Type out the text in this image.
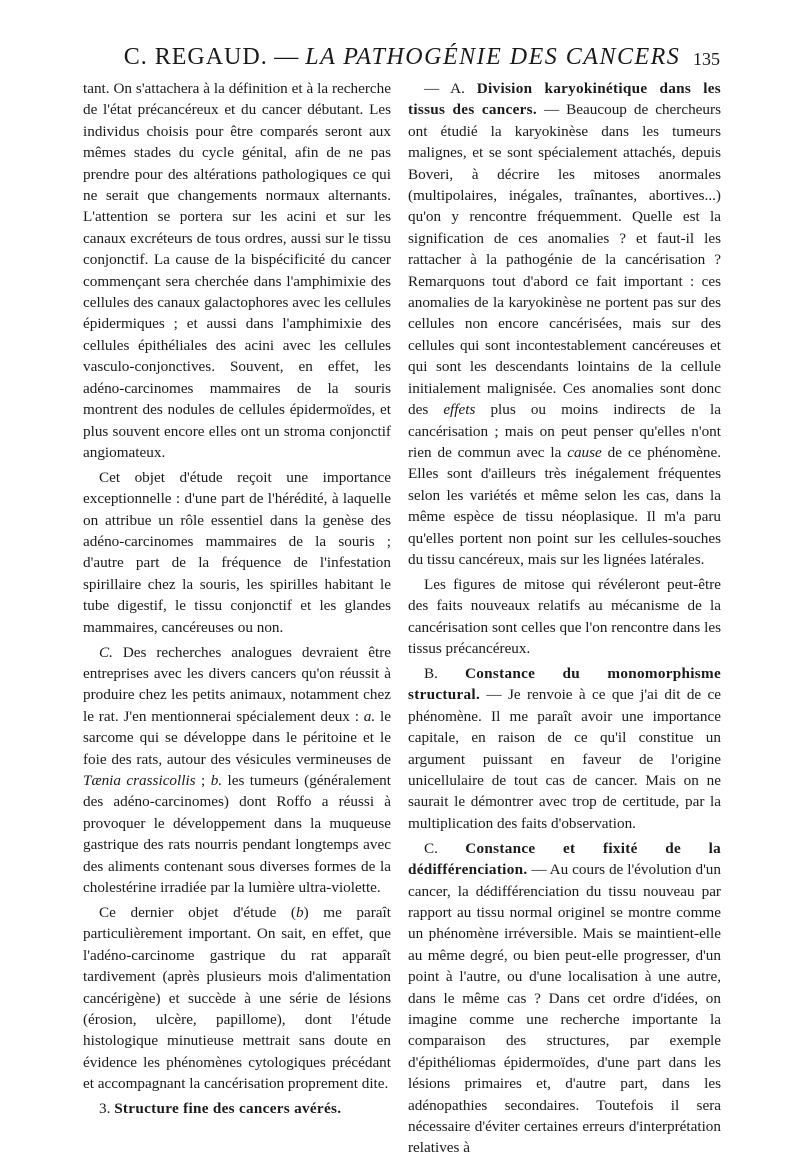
C. REGAUD. — LA PATHOGÉNIE DES CANCERS 135

tant. On s'attachera à la définition et à la recherche de l'état précancéreux et du cancer débutant. Les individus choisis pour être comparés seront aux mêmes stades du cycle génital, afin de ne pas prendre pour des altérations pathologiques ce qui ne serait que changements normaux alternants. L'attention se portera sur les acini et sur les canaux excréteurs de tous ordres, aussi sur le tissu conjonctif. La cause de la bispécificité du cancer commençant sera cherchée dans l'amphimixie des cellules des canaux galactophores avec les cellules épidermiques ; et aussi dans l'amphimixie des cellules épithéliales des acini avec les cellules vasculo-conjonctives. Souvent, en effet, les adéno-carcinomes mammaires de la souris montrent des nodules de cellules épidermoïdes, et plus souvent encore elles ont un stroma conjonctif angiomateux.

Cet objet d'étude reçoit une importance exceptionnelle : d'une part de l'hérédité, à laquelle on attribue un rôle essentiel dans la genèse des adéno-carcinomes mammaires de la souris ; d'autre part de la fréquence de l'infestation spirillaire chez la souris, les spirilles habitant le tube digestif, le tissu conjonctif et les glandes mammaires, cancéreuses ou non.

C. Des recherches analogues devraient être entreprises avec les divers cancers qu'on réussit à produire chez les petits animaux, notamment chez le rat. J'en mentionnerai spécialement deux : a. le sarcome qui se développe dans le péritoine et le foie des rats, autour des vésicules vermineuses de Tænia crassicollis ; b. les tumeurs (généralement des adéno-carcinomes) dont Roffo a réussi à provoquer le développement dans la muqueuse gastrique des rats nourris pendant longtemps avec des aliments contenant sous diverses formes de la cholestérine irradiée par la lumière ultra-violette.

Ce dernier objet d'étude (b) me paraît particulièrement important. On sait, en effet, que l'adéno-carcinome gastrique du rat apparaît tardivement (après plusieurs mois d'alimentation cancérigène) et succède à une série de lésions (érosion, ulcère, papillome), dont l'étude histologique minutieuse mettrait sans doute en évidence les phénomènes cytologiques précédant et accompagnant la cancérisation proprement dite.

3. Structure fine des cancers avérés.

— A. Division karyokinétique dans les tissus des cancers. — Beaucoup de chercheurs ont étudié la karyokinèse dans les tumeurs malignes, et se sont spécialement attachés, depuis Boveri, à décrire les mitoses anormales (multipolaires, inégales, traînantes, abortives...) qu'on y rencontre fréquemment. Quelle est la signification de ces anomalies ? et faut-il les rattacher à la pathogénie de la cancérisation ? Remarquons tout d'abord ce fait important : ces anomalies de la karyokinèse ne portent pas sur des cellules non encore cancérisées, mais sur des cellules qui sont incontestablement cancéreuses et qui sont les descendants lointains de la cellule initialement malignisée. Ces anomalies sont donc des effets plus ou moins indirects de la cancérisation ; mais on peut penser qu'elles n'ont rien de commun avec la cause de ce phénomène. Elles sont d'ailleurs très inégalement fréquentes selon les variétés et même selon les cas, dans la même espèce de tissu néoplasique. Il m'a paru qu'elles portent non point sur les cellules-souches du tissu cancéreux, mais sur les lignées latérales.

Les figures de mitose qui révéleront peut-être des faits nouveaux relatifs au mécanisme de la cancérisation sont celles que l'on rencontre dans les tissus précancéreux.

B. Constance du monomorphisme structural. — Je renvoie à ce que j'ai dit de ce phénomène. Il me paraît avoir une importance capitale, en raison de ce qu'il constitue un argument puissant en faveur de l'origine unicellulaire de tout cas de cancer. Mais on ne saurait le démontrer avec trop de certitude, par la multiplication des faits d'observation.

C. Constance et fixité de la dédifférenciation. — Au cours de l'évolution d'un cancer, la dédifférenciation du tissu nouveau par rapport au tissu normal originel se montre comme un phénomène irréversible. Mais se maintient-elle au même degré, ou bien peut-elle progresser, d'un point à l'autre, ou d'une localisation à une autre, dans le même cas ? Dans cet ordre d'idées, on imagine comme une recherche importante la comparaison des structures, par exemple d'épithéliomas épidermoïdes, d'une part dans les lésions primaires et, d'autre part, dans les adénopathies secondaires. Toutefois il sera nécessaire d'éviter certaines erreurs d'interprétation relatives à
